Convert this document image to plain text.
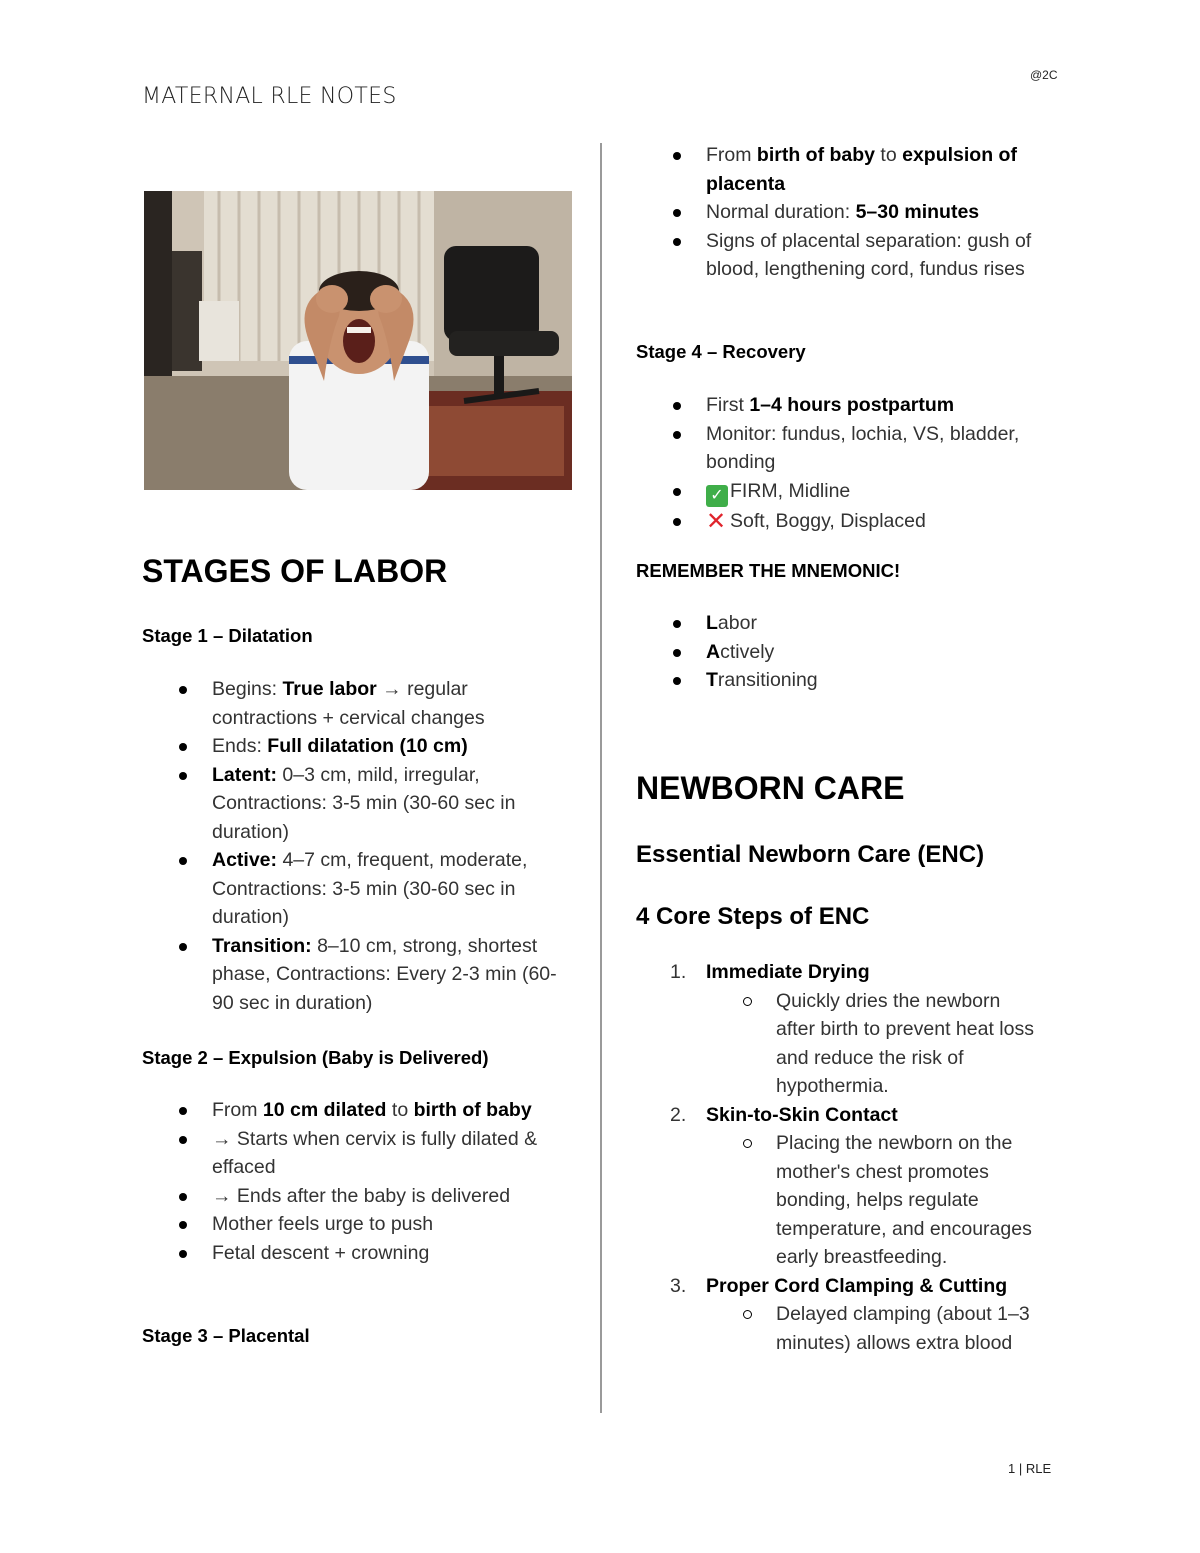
MATERNAL RLE NOTES
@2C
1 | RLE
STAGES OF LABOR
Stage 1 – Dilatation
Begins: True labor → regular contractions + cervical changes
Ends: Full dilatation (10 cm)
Latent: 0–3 cm, mild, irregular, Contractions: 3-5 min (30-60 sec in duration)
Active: 4–7 cm, frequent, moderate, Contractions: 3-5 min (30-60 sec in duration)
Transition: 8–10 cm, strong, shortest phase, Contractions: Every 2-3 min (60-90 sec in duration)
Stage 2 – Expulsion (Baby is Delivered)
From 10 cm dilated to birth of baby
→ Starts when cervix is fully dilated & effaced
→ Ends after the baby is delivered
Mother feels urge to push
Fetal descent + crowning
Stage 3 – Placental
From birth of baby to expulsion of placenta
Normal duration: 5–30 minutes
Signs of placental separation: gush of blood, lengthening cord, fundus rises
Stage 4 – Recovery
First 1–4 hours postpartum
Monitor: fundus, lochia, VS, bladder, bonding
✓ FIRM, Midline
✕ Soft, Boggy, Displaced
REMEMBER THE MNEMONIC!
Labor
Actively
Transitioning
NEWBORN CARE
Essential Newborn Care (ENC)
4 Core Steps of ENC
1. Immediate Drying
Quickly dries the newborn after birth to prevent heat loss and reduce the risk of hypothermia.
2. Skin-to-Skin Contact
Placing the newborn on the mother's chest promotes bonding, helps regulate temperature, and encourages early breastfeeding.
3. Proper Cord Clamping & Cutting
Delayed clamping (about 1–3 minutes) allows extra blood
